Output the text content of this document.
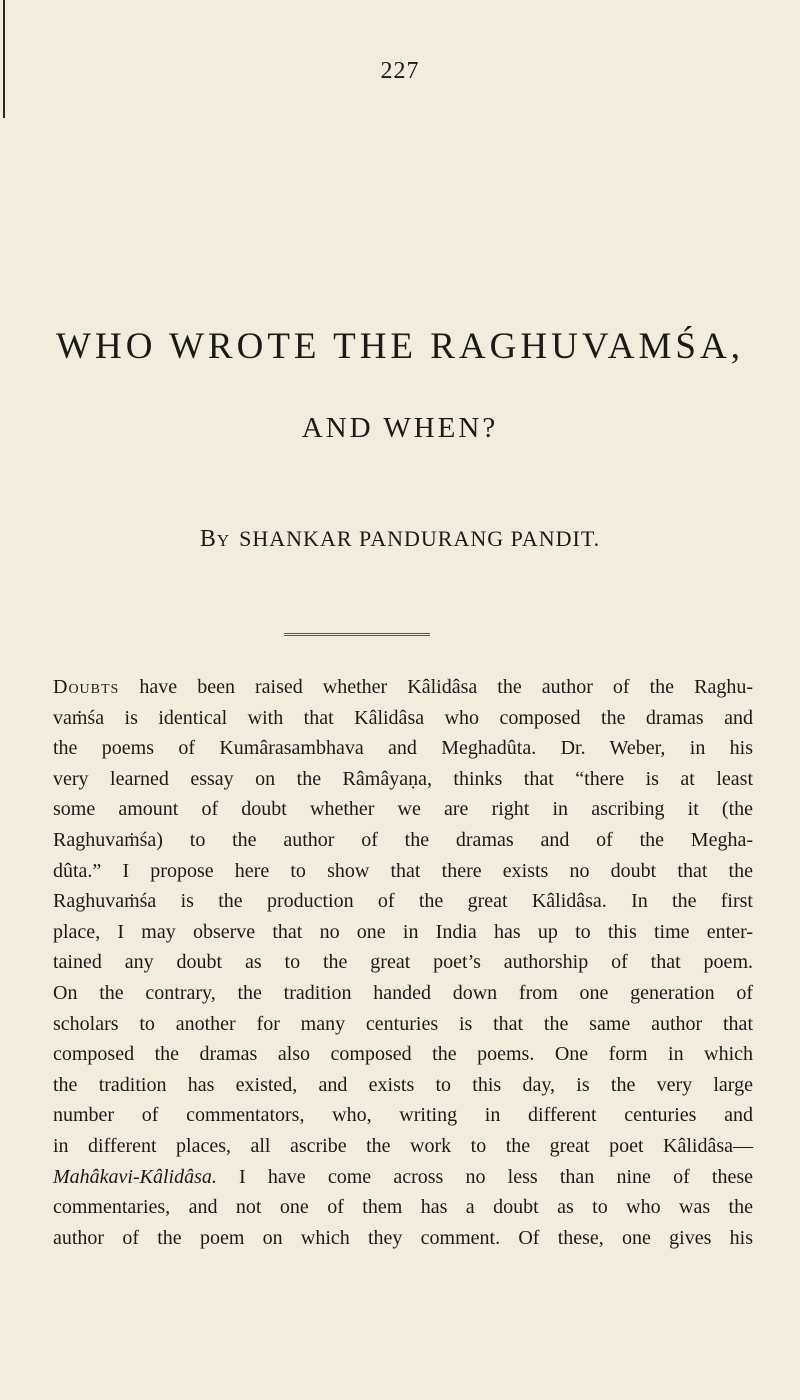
227
WHO WROTE THE RAGHUVAMŚA,
AND WHEN?
BY SHANKAR PANDURANG PANDIT.
Doubts have been raised whether Kâlidâsa the author of the Raghu-
vaṁśa is identical with that Kâlidâsa who composed the dramas and
the poems of Kumârasambhava and Meghadûta. Dr. Weber, in his
very learned essay on the Râmâyaṇa, thinks that “there is at least
some amount of doubt whether we are right in ascribing it (the
Raghuvaṁśa) to the author of the dramas and of the Megha-
dûta.” I propose here to show that there exists no doubt that the
Raghuvaṁśa is the production of the great Kâlidâsa. In the first
place, I may observe that no one in India has up to this time enter-
tained any doubt as to the great poet’s authorship of that poem.
On the contrary, the tradition handed down from one generation of
scholars to another for many centuries is that the same author that
composed the dramas also composed the poems. One form in which
the tradition has existed, and exists to this day, is the very large
number of commentators, who, writing in different centuries and
in different places, all ascribe the work to the great poet Kâlidâsa—
Mahâkavi-Kâlidâsa. I have come across no less than nine of these
commentaries, and not one of them has a doubt as to who was the
author of the poem on which they comment. Of these, one gives his
